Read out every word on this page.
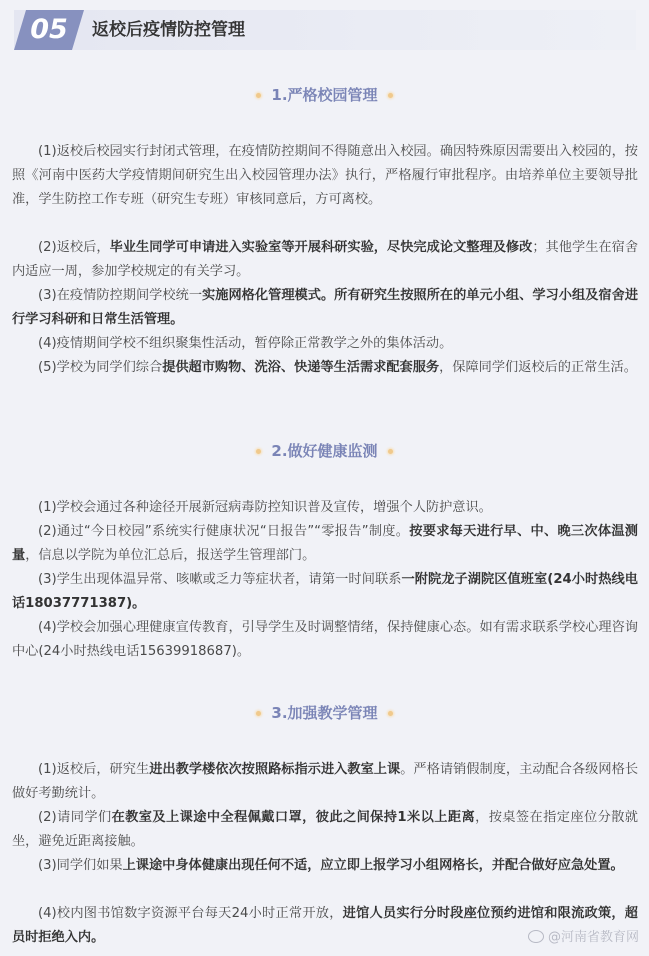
05	返校后疫情防控管理
1.严格校园管理

(1)返校后校园实行封闭式管理，在疫情防控期间不得随意出入校园。确因特殊原因需要出入校园的，按照《河南中医药大学疫情期间研究生出入校园管理办法》执行，严格履行审批程序。由培养单位主要领导批准，学生防控工作专班（研究生专班）审核同意后，方可离校。

(2)返校后，毕业生同学可申请进入实验室等开展科研实验，尽快完成论文整理及修改；其他学生在宿舍内适应一周，参加学校规定的有关学习。

(3)在疫情防控期间学校统一实施网格化管理模式。所有研究生按照所在的单元小组、学习小组及宿舍进行学习科研和日常生活管理。

(4)疫情期间学校不组织聚集性活动，暂停除正常教学之外的集体活动。

(5)学校为同学们综合提供超市购物、洗浴、快递等生活需求配套服务，保障同学们返校后的正常生活。

2.做好健康监测

(1)学校会通过各种途径开展新冠病毒防控知识普及宣传，增强个人防护意识。

(2)通过“今日校园”系统实行健康状况“日报告”“零报告”制度。按要求每天进行早、中、晚三次体温测量，信息以学院为单位汇总后，报送学生管理部门。

(3)学生出现体温异常、咳嗽或乏力等症状者，请第一时间联系一附院龙子湖院区值班室(24小时热线电话18037771387)。

(4)学校会加强心理健康宣传教育，引导学生及时调整情绪，保持健康心态。如有需求联系学校心理咨询中心(24小时热线电话15639918687)。

3.加强教学管理

(1)返校后，研究生进出教学楼依次按照路标指示进入教室上课。严格请销假制度，主动配合各级网格长做好考勤统计。

(2)请同学们在教室及上课途中全程佩戴口罩，彼此之间保持1米以上距离，按桌签在指定座位分散就坐，避免近距离接触。

(3)同学们如果上课途中身体健康出现任何不适，应立即上报学习小组网格长，并配合做好应急处置。

(4)校内图书馆数字资源平台每天24小时正常开放，进馆人员实行分时段座位预约进馆和限流政策，超员时拒绝入内。	@河南省教育网
